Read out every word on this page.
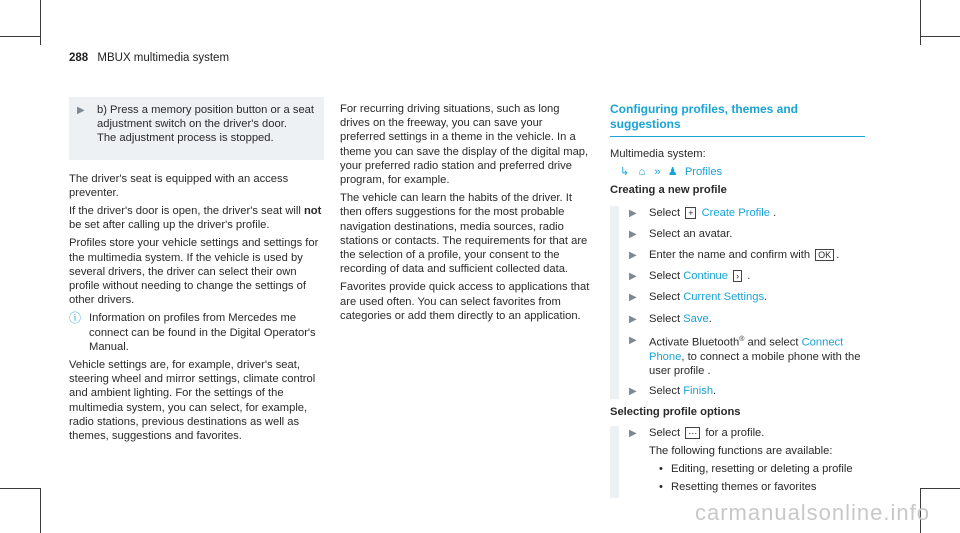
288 MBUX multimedia system
▶	b) Press a memory position button or a seat adjustment switch on the driver's door.
The adjustment process is stopped.

The driver's seat is equipped with an access preventer.

If the driver's door is open, the driver's seat will not be set after calling up the driver's profile.

Profiles store your vehicle settings and settings for the multimedia system. If the vehicle is used by several drivers, the driver can select their own profile without needing to change the settings of other drivers.

ⓘ Information on profiles from Mercedes me connect can be found in the Digital Operator's Manual.

Vehicle settings are, for example, driver's seat, steering wheel and mirror settings, climate control and ambient lighting. For the settings of the multimedia system, you can select, for example, radio stations, previous destinations as well as themes, suggestions and favorites.

For recurring driving situations, such as long drives on the freeway, you can save your preferred settings in a theme in the vehicle. In a theme you can save the display of the digital map, your preferred radio station and preferred drive program, for example.

The vehicle can learn the habits of the driver. It then offers suggestions for the most probable navigation destinations, media sources, radio stations or contacts. The requirements for that are the selection of a profile, your consent to the recording of data and sufficient collected data.

Favorites provide quick access to applications that are used often. You can select favorites from categories or add them directly to an application.

Configuring profiles, themes and suggestions

Multimedia system:

↳ ⌂ » ♟ Profiles

Creating a new profile

▶	Select + Create Profile .
▶	Select an avatar.
▶	Enter the name and confirm with OK .
▶	Select Continue › .
▶	Select Current Settings.
▶	Select Save.
▶	Activate Bluetooth® and select Connect Phone, to connect a mobile phone with the user profile .
▶	Select Finish.

Selecting profile options

▶	Select ⋯ for a profile.
The following functions are available:
• Editing, resetting or deleting a profile
• Resetting themes or favorites
carmanualsonline.info
